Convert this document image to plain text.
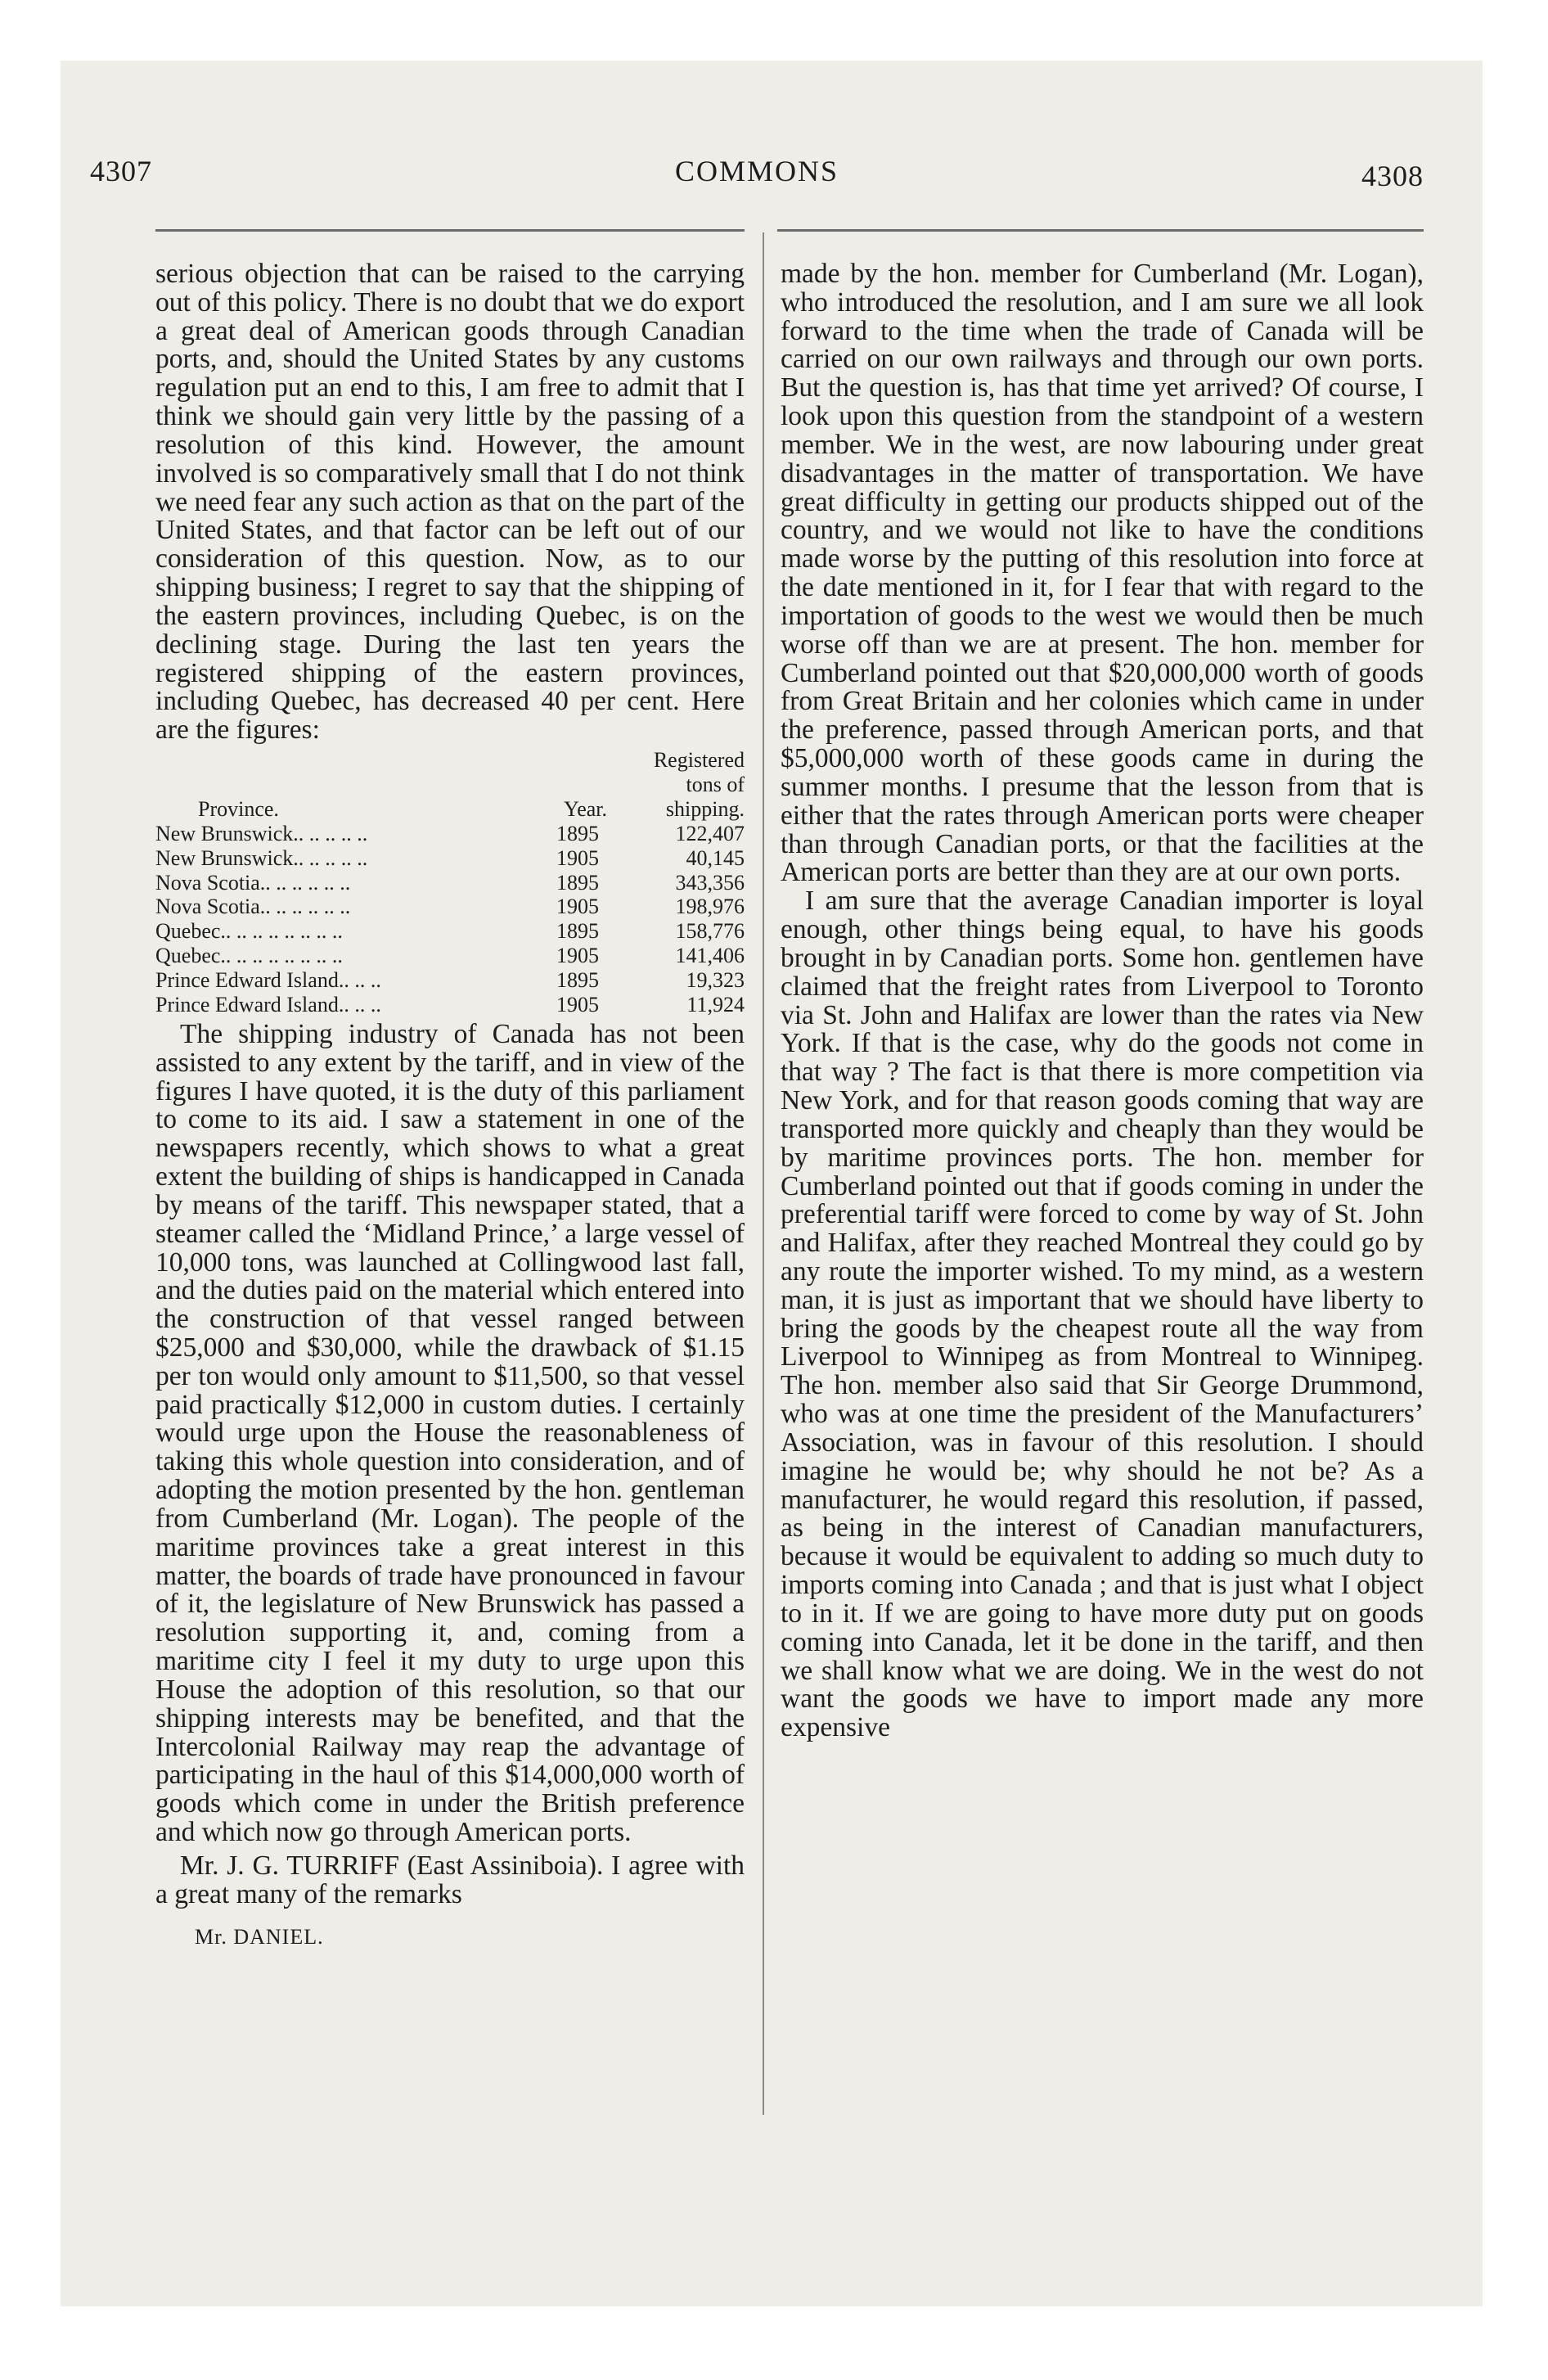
4307	COMMONS	4308

serious objection that can be raised to the carrying out of this policy. There is no doubt that we do export a great deal of American goods through Canadian ports, and, should the United States by any customs regulation put an end to this, I am free to admit that I think we should gain very little by the passing of a resolution of this kind. However, the amount involved is so comparatively small that I do not think we need fear any such action as that on the part of the United States, and that factor can be left out of our consideration of this question. Now, as to our shipping business; I regret to say that the shipping of the eastern provinces, including Quebec, is on the declining stage. During the last ten years the registered shipping of the eastern provinces, including Quebec, has decreased 40 per cent. Here are the figures:

Province.	Year.	Registered
tons of
shipping.

New Brunswick.. .. .. .. ..	1895	122,407
New Brunswick.. .. .. .. ..	1905	40,145
Nova Scotia.. .. .. .. .. ..	1895	343,356
Nova Scotia.. .. .. .. .. ..	1905	198,976
Quebec.. .. .. .. .. .. .. ..	1895	158,776
Quebec.. .. .. .. .. .. .. ..	1905	141,406
Prince Edward Island.. .. ..	1895	19,323
Prince Edward Island.. .. ..	1905	11,924

The shipping industry of Canada has not been assisted to any extent by the tariff, and in view of the figures I have quoted, it is the duty of this parliament to come to its aid. I saw a statement in one of the newspapers recently, which shows to what a great extent the building of ships is handicapped in Canada by means of the tariff. This newspaper stated, that a steamer called the ‘Midland Prince,’ a large vessel of 10,000 tons, was launched at Collingwood last fall, and the duties paid on the material which entered into the construction of that vessel ranged between $25,000 and $30,000, while the drawback of $1.15 per ton would only amount to $11,500, so that vessel paid practically $12,000 in custom duties. I certainly would urge upon the House the reasonableness of taking this whole question into consideration, and of adopting the motion presented by the hon. gentleman from Cumberland (Mr. Logan). The people of the maritime provinces take a great interest in this matter, the boards of trade have pronounced in favour of it, the legislature of New Brunswick has passed a resolution supporting it, and, coming from a maritime city I feel it my duty to urge upon this House the adoption of this resolution, so that our shipping interests may be benefited, and that the Intercolonial Railway may reap the advantage of participating in the haul of this $14,000,000 worth of goods which come in under the British preference and which now go through American ports.

Mr. J. G. TURRIFF (East Assiniboia). I agree with a great many of the remarks

made by the hon. member for Cumberland (Mr. Logan), who introduced the resolution, and I am sure we all look forward to the time when the trade of Canada will be carried on our own railways and through our own ports. But the question is, has that time yet arrived? Of course, I look upon this question from the standpoint of a western member. We in the west, are now labouring under great disadvantages in the matter of transportation. We have great difficulty in getting our products shipped out of the country, and we would not like to have the conditions made worse by the putting of this resolution into force at the date mentioned in it, for I fear that with regard to the importation of goods to the west we would then be much worse off than we are at present. The hon. member for Cumberland pointed out that $20,000,000 worth of goods from Great Britain and her colonies which came in under the preference, passed through American ports, and that $5,000,000 worth of these goods came in during the summer months. I presume that the lesson from that is either that the rates through American ports were cheaper than through Canadian ports, or that the facilities at the American ports are better than they are at our own ports.

I am sure that the average Canadian importer is loyal enough, other things being equal, to have his goods brought in by Canadian ports. Some hon. gentlemen have claimed that the freight rates from Liverpool to Toronto via St. John and Halifax are lower than the rates via New York. If that is the case, why do the goods not come in that way ? The fact is that there is more competition via New York, and for that reason goods coming that way are transported more quickly and cheaply than they would be by maritime provinces ports. The hon. member for Cumberland pointed out that if goods coming in under the preferential tariff were forced to come by way of St. John and Halifax, after they reached Montreal they could go by any route the importer wished. To my mind, as a western man, it is just as important that we should have liberty to bring the goods by the cheapest route all the way from Liverpool to Winnipeg as from Montreal to Winnipeg. The hon. member also said that Sir George Drummond, who was at one time the president of the Manufacturers’ Association, was in favour of this resolution. I should imagine he would be; why should he not be? As a manufacturer, he would regard this resolution, if passed, as being in the interest of Canadian manufacturers, because it would be equivalent to adding so much duty to imports coming into Canada ; and that is just what I object to in it. If we are going to have more duty put on goods coming into Canada, let it be done in the tariff, and then we shall know what we are doing. We in the west do not want the goods we have to import made any more expensive

Mr. DANIEL.
